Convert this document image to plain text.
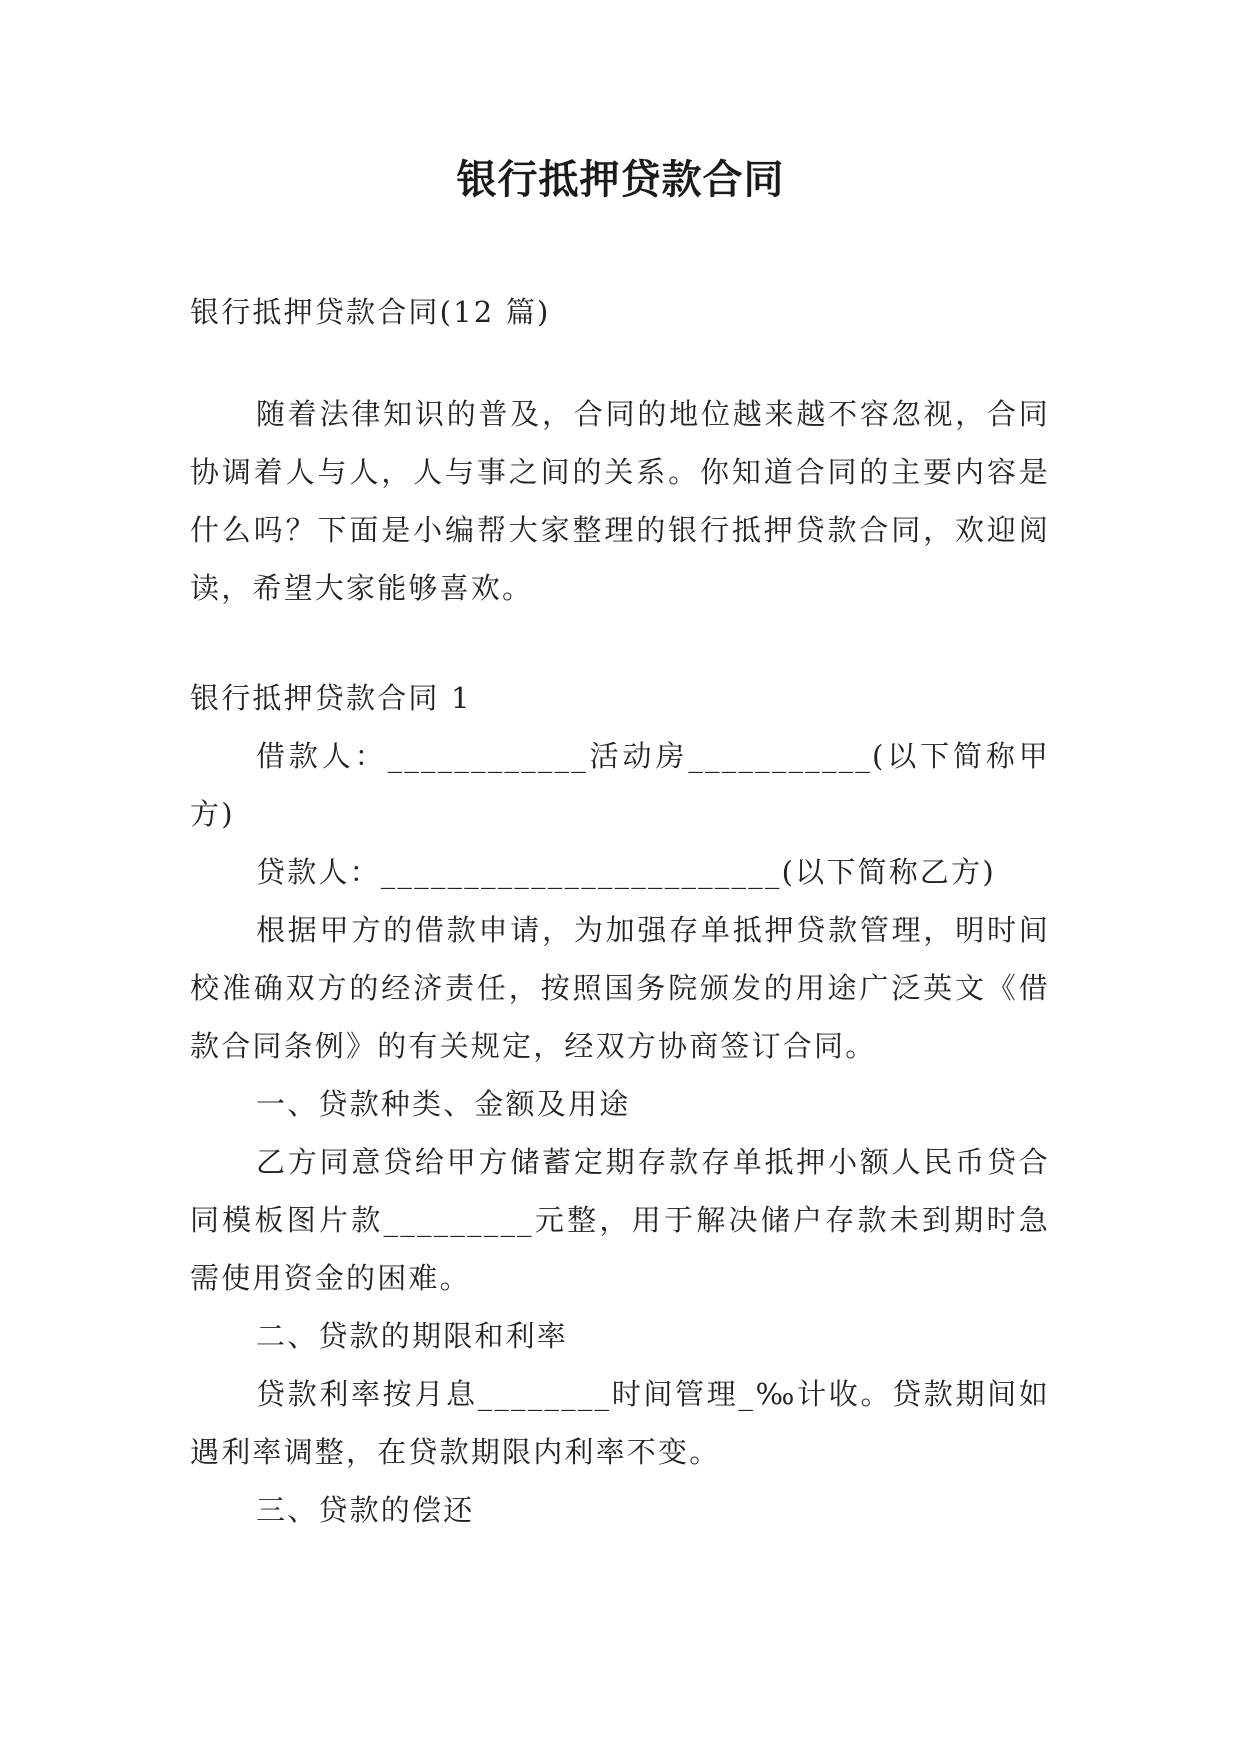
银行抵押贷款合同

银行抵押贷款合同(12 篇)

随着法律知识的普及，合同的地位越来越不容忽视，合同协调着人与人，人与事之间的关系。你知道合同的主要内容是什么吗？下面是小编帮大家整理的银行抵押贷款合同，欢迎阅读，希望大家能够喜欢。

银行抵押贷款合同 1

借款人：____________活动房___________(以下简称甲方)

贷款人：________________________(以下简称乙方)

根据甲方的借款申请，为加强存单抵押贷款管理，明时间校准确双方的经济责任，按照国务院颁发的用途广泛英文《借款合同条例》的有关规定，经双方协商签订合同。

一、贷款种类、金额及用途

乙方同意贷给甲方储蓄定期存款存单抵押小额人民币贷合同模板图片款_________元整，用于解决储户存款未到期时急需使用资金的困难。

二、贷款的期限和利率

贷款利率按月息________时间管理_‰计收。贷款期间如遇利率调整，在贷款期限内利率不变。

三、贷款的偿还
